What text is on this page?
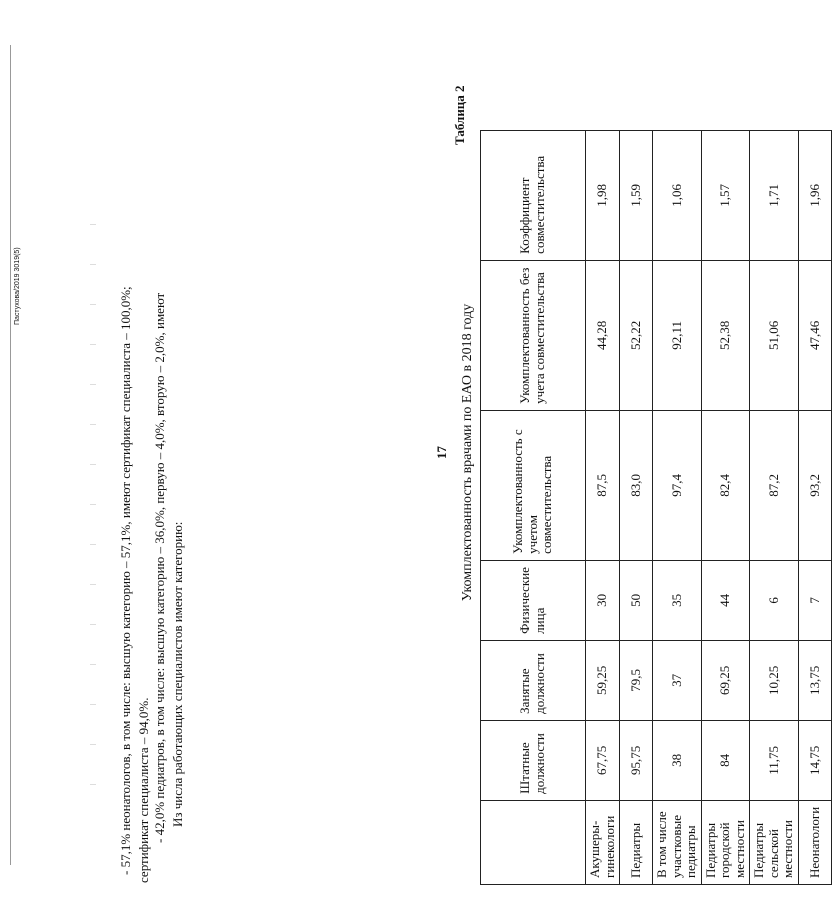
17
Таблица 2
Укомплектованность врачами по ЕАО в 2018 году
	Штатные должности	Занятые должности	Физические лица	Укомплектованность с учетом совместительства	Укомплектованность без учета совместительства	Коэффициент совместительства
Акушеры-гинекологи	67,75	59,25	30	87,5	44,28	1,98
Педиатры	95,75	79,5	50	83,0	52,22	1,59
В том числе участковые педиатры	38	37	35	97,4	92,11	1,06
Педиатры городской местности	84	69,25	44	82,4	52,38	1,57
Педиатры сельской местности	11,75	10,25	6	87,2	51,06	1,71
Неонатологи	14,75	13,75	7	93,2	47,46	1,96
Из числа работающих специалистов имеют категорию:
- 42,0% педиатров, в том числе: высшую категорию – 36,0%, первую – 4,0%, вторую – 2,0%, имеют
сертификат специалиста – 94,0%.
- 57,1% неонатологов, в том числе: высшую категорию – 57,1%, имеют сертификат специалиста – 100,0%;
Пастухова/2019 3019(5)
